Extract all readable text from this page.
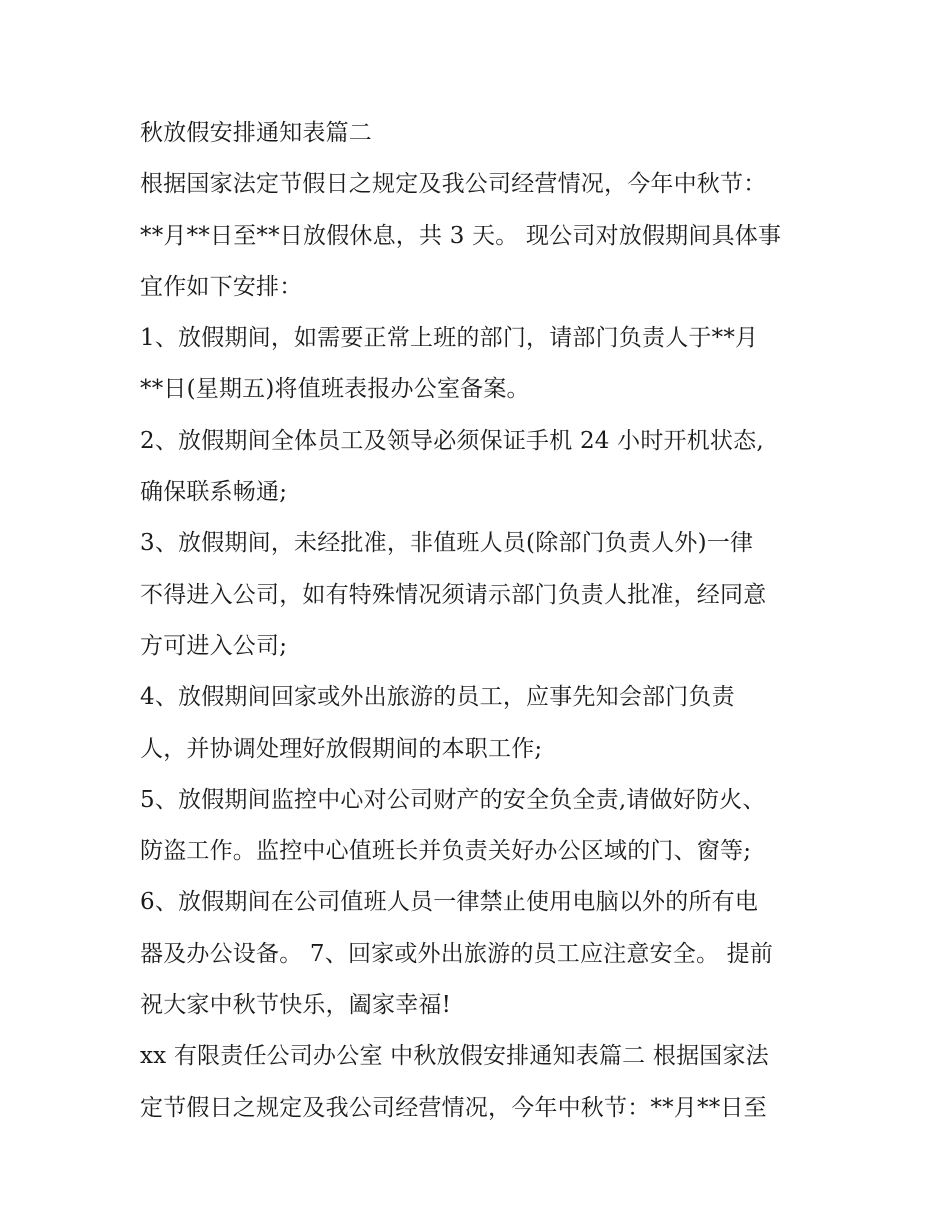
秋放假安排通知表篇二
根据国家法定节假日之规定及我公司经营情况，今年中秋节：
**月**日至**日放假休息，共 3 天。 现公司对放假期间具体事
宜作如下安排：
1、放假期间，如需要正常上班的部门，请部门负责人于**月
**日(星期五)将值班表报办公室备案。
2、放假期间全体员工及领导必须保证手机 24 小时开机状态,
确保联系畅通;
3、放假期间，未经批准，非值班人员(除部门负责人外)一律
不得进入公司，如有特殊情况须请示部门负责人批准，经同意
方可进入公司;
4、放假期间回家或外出旅游的员工，应事先知会部门负责
人，并协调处理好放假期间的本职工作;
5、放假期间监控中心对公司财产的安全负全责,请做好防火、
防盗工作。监控中心值班长并负责关好办公区域的门、窗等;
6、放假期间在公司值班人员一律禁止使用电脑以外的所有电
器及办公设备。 7、回家或外出旅游的员工应注意安全。 提前
祝大家中秋节快乐，阖家幸福!
xx 有限责任公司办公室 中秋放假安排通知表篇二 根据国家法
定节假日之规定及我公司经营情况，今年中秋节：**月**日至
